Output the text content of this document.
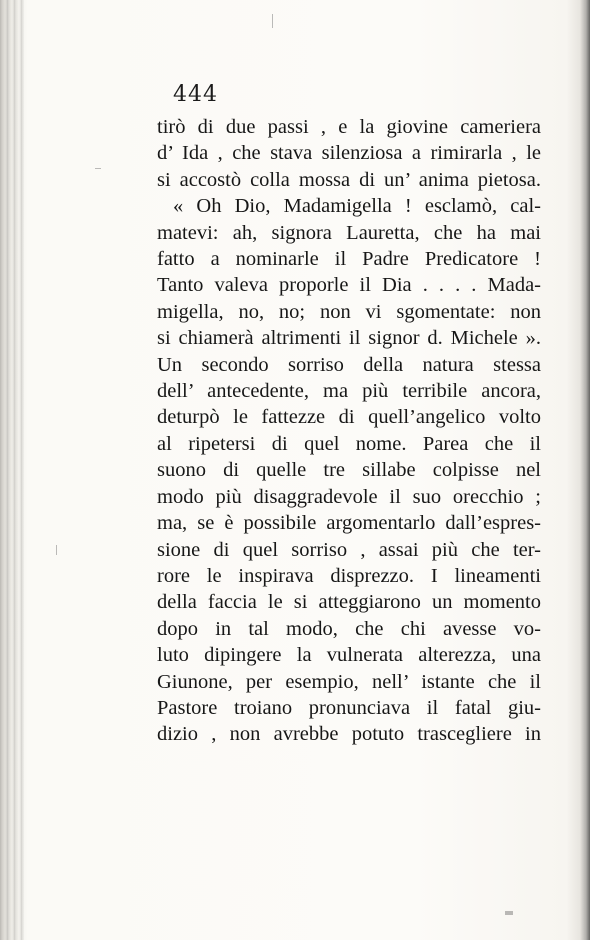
444
tirò di due passi , e la giovine cameriera
d’ Ida , che stava silenziosa a rimirarla , le
si accostò colla mossa di un’ anima pietosa.
« Oh Dio, Madamigella ! esclamò, cal-
matevi: ah, signora Lauretta, che ha mai
fatto a nominarle il Padre Predicatore !
Tanto valeva proporle il Dia . . . . Mada-
migella, no, no; non vi sgomentate: non
si chiamerà altrimenti il signor d. Michele ».
Un secondo sorriso della natura stessa
dell’ antecedente, ma più terribile ancora,
deturpò le fattezze di quell’angelico volto
al ripetersi di quel nome. Parea che il
suono di quelle tre sillabe colpisse nel
modo più disaggradevole il suo orecchio ;
ma, se è possibile argomentarlo dall’espres-
sione di quel sorriso , assai più che ter-
rore le inspirava disprezzo. I lineamenti
della faccia le si atteggiarono un momento
dopo in tal modo, che chi avesse vo-
luto dipingere la vulnerata alterezza, una
Giunone, per esempio, nell’ istante che il
Pastore troiano pronunciava il fatal giu-
dizio , non avrebbe potuto trascegliere in
